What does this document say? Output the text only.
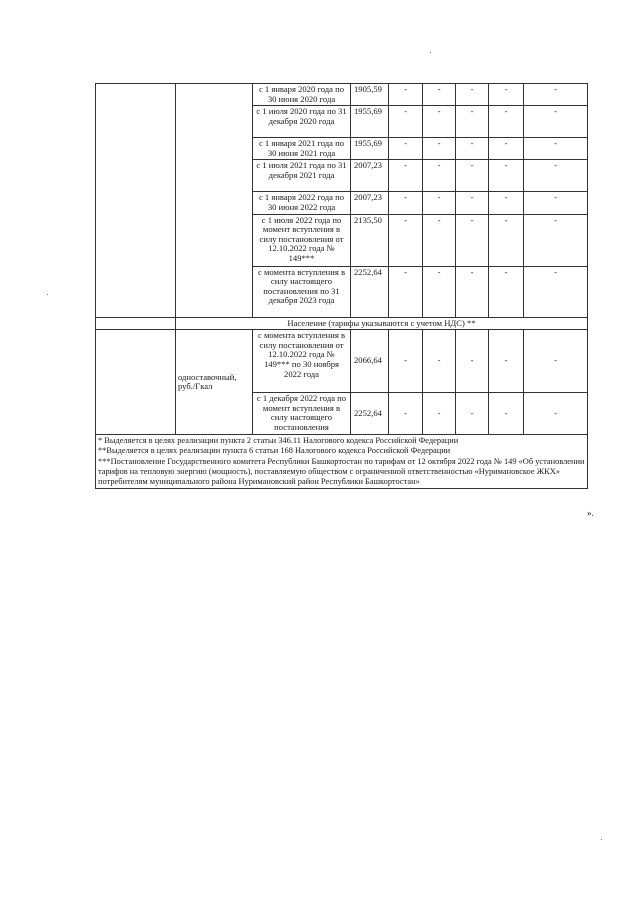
		с 1 января 2020 года по 30 июня 2020 года	1905,59	-	-	-	-	-
		с 1 июля 2020 года по 31 декабря 2020 года	1955,69	-	-	-	-	-
		с 1 января 2021 года по 30 июня 2021 года	1955,69	-	-	-	-	-
		с 1 июля 2021 года по 31 декабря 2021 года	2007,23	-	-	-	-	-
		с 1 января 2022 года по 30 июня 2022 года	2007,23	-	-	-	-	-
		с 1 июля 2022 года по момент вступления в силу постановления от 12.10.2022 года № 149***	2135,50	-	-	-	-	-
		с момента вступления в силу настоящего постановления по 31 декабря 2023 года	2252,64	-	-	-	-	-
	Население (тарифы указываются с учетом НДС) **							
	одноставочный, руб./Гкал	с момента вступления в силу постановления от 12.10.2022 года № 149*** по 30 ноября 2022 года	2066,64	-	-	-	-	-
		с 1 декабря 2022 года по момент вступления в силу настоящего постановления	2252,64	-	-	-	-	-

* Выделяется в целях реализации пункта 2 статьи 346.11 Налогового кодекса Российской Федерации
**Выделяется в целях реализации пункта 6 статьи 168 Налогового кодекса Российской Федерации
***Постановление Государственного комитета Республики Башкортостан по тарифам от 12 октября 2022 года № 149 «Об установлении тарифов на тепловую энергию (мощность), поставляемую обществом с ограниченной ответственностью «Нуримановское ЖКХ» потребителям муниципального района Нуримановский район Республики Башкортостан»								
».
